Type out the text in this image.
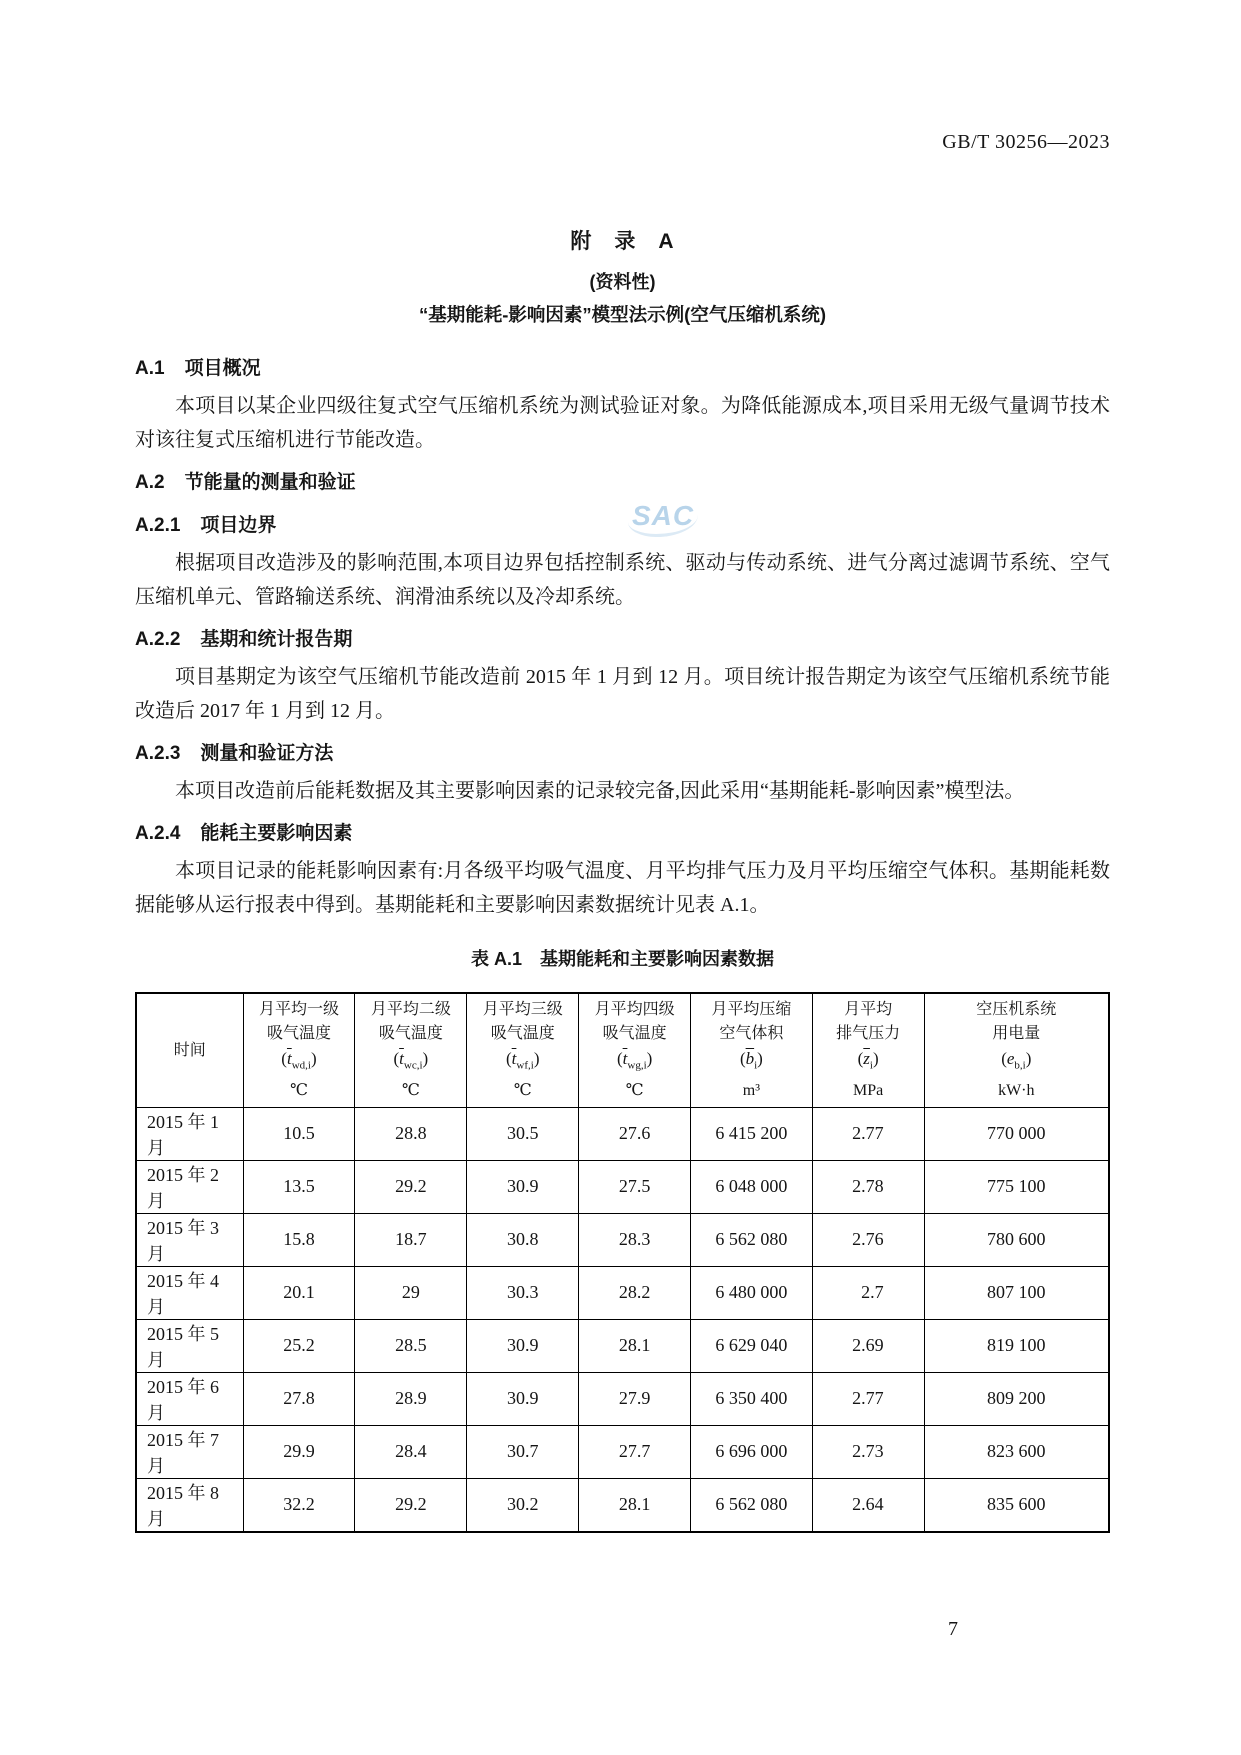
GB/T 30256—2023
附　录　A
(资料性)
“基期能耗-影响因素”模型法示例(空气压缩机系统)
A.1 项目概况

本项目以某企业四级往复式空气压缩机系统为测试验证对象。为降低能源成本,项目采用无级气量调节技术对该往复式压缩机进行节能改造。

A.2 节能量的测量和验证
A.2.1 项目边界

根据项目改造涉及的影响范围,本项目边界包括控制系统、驱动与传动系统、进气分离过滤调节系统、空气压缩机单元、管路输送系统、润滑油系统以及冷却系统。

A.2.2 基期和统计报告期

项目基期定为该空气压缩机节能改造前 2015 年 1 月到 12 月。项目统计报告期定为该空气压缩机系统节能改造后 2017 年 1 月到 12 月。

A.2.3 测量和验证方法

本项目改造前后能耗数据及其主要影响因素的记录较完备,因此采用“基期能耗-影响因素”模型法。

A.2.4 能耗主要影响因素

本项目记录的能耗影响因素有:月各级平均吸气温度、月平均排气压力及月平均压缩空气体积。基期能耗数据能够从运行报表中得到。基期能耗和主要影响因素数据统计见表 A.1。

表 A.1 基期能耗和主要影响因素数据
时间

月平均一级
吸气温度
$(\overline{t}_{wd,i})$
℃

月平均二级
吸气温度
$(\overline{t}_{wc,i})$
℃

月平均三级
吸气温度
$(\overline{t}_{wf,i})$
℃

月平均四级
吸气温度
$(\overline{t}_{wg,i})$
℃

月平均压缩
空气体积
$(\overline{b}_i)$
m³

月平均
排气压力
$(\overline{z}_i)$
MPa

空压机系统
用电量
$(e_{b,i})$
kW·h

2015 年 1 月	10.5	28.8	30.5	27.6	6 415 200	2.77	770 000
2015 年 2 月	13.5	29.2	30.9	27.5	6 048 000	2.78	775 100
2015 年 3 月	15.8	18.7	30.8	28.3	6 562 080	2.76	780 600
2015 年 4 月	20.1	29	30.3	28.2	6 480 000	2.7	807 100
2015 年 5 月	25.2	28.5	30.9	28.1	6 629 040	2.69	819 100
2015 年 6 月	27.8	28.9	30.9	27.9	6 350 400	2.77	809 200
2015 年 7 月	29.9	28.4	30.7	27.7	6 696 000	2.73	823 600
2015 年 8 月	32.2	29.2	30.2	28.1	6 562 080	2.64	835 600
SAC
7
